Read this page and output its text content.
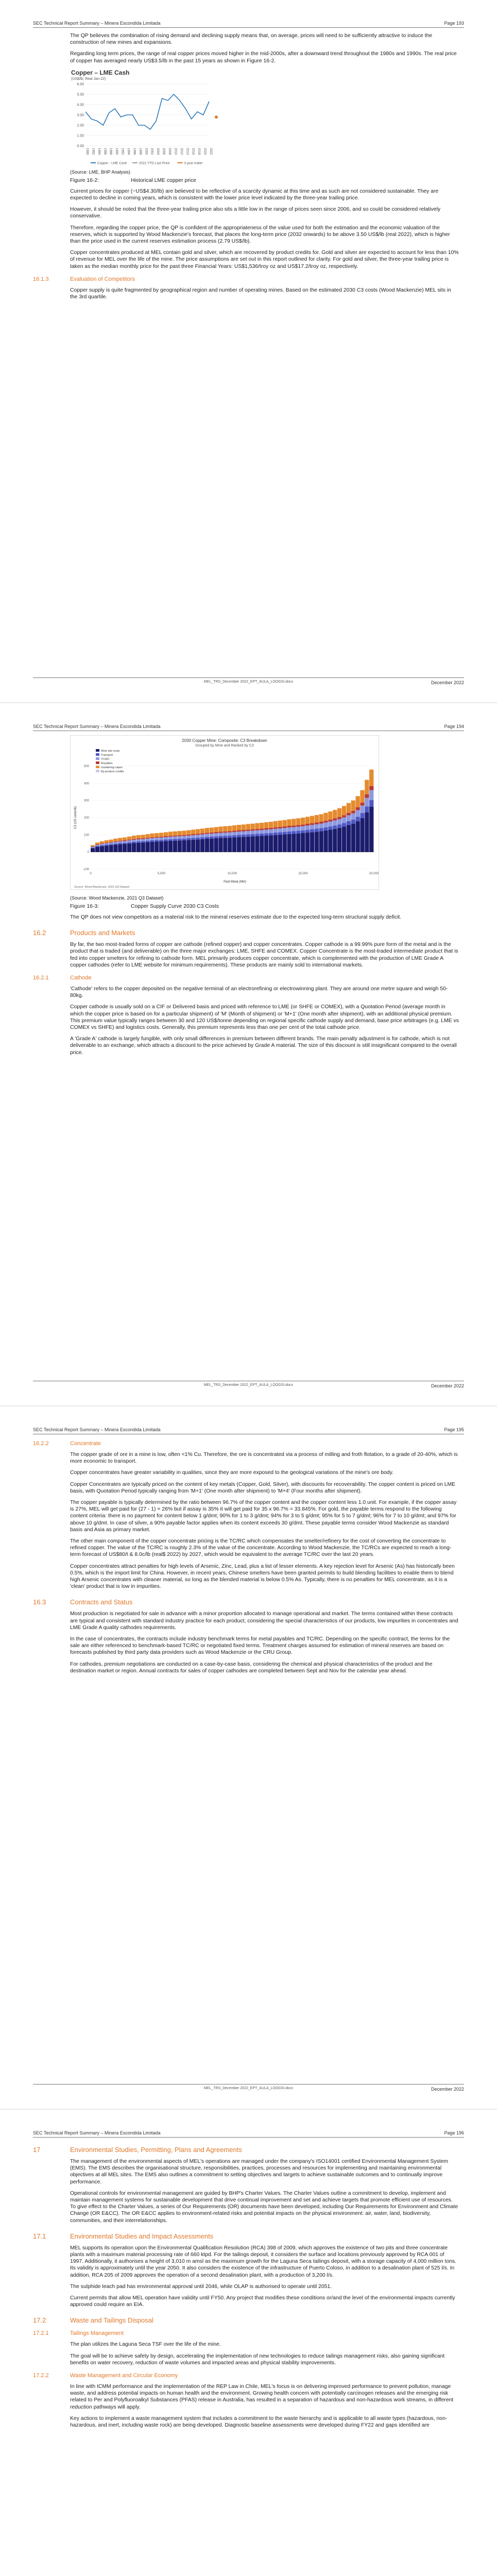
SEC Technical Report Summary – Minera Escondida Limitada	Page 193

The QP believes the combination of rising demand and declining supply means that, on average, prices will need to be sufficiently attractive to induce the construction of new mines and expansions.

Regarding long term prices, the range of real copper prices moved higher in the mid-2000s, after a downward trend throughout the 1980s and 1990s. The real price of copper has averaged nearly US$3.5/lb in the past 15 years as shown in Figure 16-2.

Copper – LME Cash
(US$/lb; Real Jan-22)
0.00
1.00
2.00
3.00
4.00
5.00
6.00
1980 1982 1984 1986 1988 1990 1992 1994 1996 1998 2000 2002 2004 2006 2008 2010 2012 2014 2016 2018 2020 2022
Copper - LME Cash	2022 YTD Last Price	3 year trailer
(Source: LME, BHP Analysis)
Figure 16-2:	Historical LME copper price

Current prices for copper (~US$4.30/lb) are believed to be reflective of a scarcity dynamic at this time and as such are not considered sustainable. They are expected to decline in coming years, which is consistent with the lower price level indicated by the three-year trailing price.

However, it should be noted that the three-year trailing price also sits a little low in the range of prices seen since 2006, and so could be considered relatively conservative.

Therefore, regarding the copper price, the QP is confident of the appropriateness of the value used for both the estimation and the economic valuation of the reserves, which is supported by Wood Mackenzie's forecast, that places the long-term price (2032 onwards) to be above 3.50 US$/lb (real 2022), which is higher than the price used in the current reserves estimation process (2.79 US$/lb).

Copper concentrates produced at MEL contain gold and silver, which are recovered by product credits for. Gold and silver are expected to account for less than 10% of revenue for MEL over the life of the mine. The price assumptions are set out in this report outlined for clarity. For gold and silver, the three-year trailing price is taken as the median monthly price for the past three Financial Years: US$1,536/troy oz and US$17.2/troy oz, respectively.

16.1.3	Evaluation of Competitors

Copper supply is quite fragmented by geographical region and number of operating mines. Based on the estimated 2030 C3 costs (Wood Mackenzie) MEL sits in the 3rd quartile.

MEL_TRS_December 2022_EPT_AULA_LOOGSI.docx	December 2022
SEC Technical Report Summary – Minera Escondida Limitada	Page 194
2030 Copper Mine: Composite: C3 Breakdown
Grouped by Mine and Ranked by C3
Mine site costs
Transport
TC/RC
Royalties
Sustaining capex
By-product credits
500
400
300
200
100
0
-100
0	5,000	10,000	15,000	20,000
C3 (US cents/lb)
Paid Metal (Mkt)
Source: Wood Mackenzie, 2021 Q3 Dataset
(Source: Wood Mackenzie, 2021 Q3 Dataset)
Figure 16-3:	Copper Supply Curve 2030 C3 Costs

The QP does not view competitors as a material risk to the mineral reserves estimate due to the expected long-term structural supply deficit.

16.2	Products and Markets

By far, the two most-traded forms of copper are cathode (refined copper) and copper concentrates. Copper cathode is a 99.99% pure form of the metal and is the product that is traded (and deliverable) on the three major exchanges: LME, SHFE and COMEX. Copper Concentrate is the most-traded intermediate product that is fed into copper smelters for refining to cathode form. MEL primarily produces copper concentrate, which is complemented with the production of LME Grade A copper cathodes (refer to LME website for minimum requirements). These products are mainly sold to international markets.

16.2.1	Cathode

'Cathode' refers to the copper deposited on the negative terminal of an electrorefining or electrowinning plant. They are around one metre square and weigh 50-80kg.

Copper cathode is usually sold on a CIF or Delivered basis and priced with reference to LME (or SHFE or COMEX), with a Quotation Period (average month in which the copper price is based on for a particular shipment) of 'M' (Month of shipment) or 'M+1' (One month after shipment), with an additional physical premium. This premium value typically ranges between 30 and 120 US$/tonne depending on regional specific cathode supply and demand, base price arbitrages (e.g. LME vs COMEX vs SHFE) and logistics costs. Generally, this premium represents less than one per cent of the total cathode price.

A 'Grade A' cathode is largely fungible, with only small differences in premium between different brands. The main penalty adjustment is for cathode, which is not deliverable to an exchange, which attracts a discount to the price achieved by Grade A material. The size of this discount is still insignificant compared to the overall price.

MEL_TRS_December 2022_EPT_AULA_LOOGSI.docx	December 2022
SEC Technical Report Summary – Minera Escondida Limitada	Page 195
16.2.2	Concentrate

The copper grade of ore in a mine is low, often <1% Cu. Therefore, the ore is concentrated via a process of milling and froth flotation, to a grade of 20-40%, which is more economic to transport.

Copper concentrates have greater variability in qualities, since they are more exposed to the geological variations of the mine's ore body.

Copper Concentrates are typically priced on the content of key metals (Copper, Gold, Silver), with discounts for recoverability. The copper content is priced on LME basis, with Quotation Period typically ranging from 'M+1' (One month after shipment) to 'M+4' (Four months after shipment).

The copper payable is typically determined by the ratio between 96.7% of the copper content and the copper content less 1.0 unit. For example, if the copper assay is 27%, MEL will get paid for (27 - 1) = 26% but if assay is 35% it will get paid for 35 x 96.7% = 33.845%. For gold, the payable terms respond to the following content criteria: there is no payment for content below 1 g/dmt; 90% for 1 to 3 g/dmt; 94% for 3 to 5 g/dmt; 95% for 5 to 7 g/dmt; 96% for 7 to 10 g/dmt; and 97% for above 10 g/dmt. In case of silver, a 90% payable factor applies when its content exceeds 30 g/dmt. These payable terms consider Wood Mackenzie as standard basis and Asia as primary market.

The other main component of the copper concentrate pricing is the TC/RC which compensates the smelter/refinery for the cost of converting the concentrate to refined copper. The value of the TC/RC is roughly 2.3% of the value of the concentrate. According to Wood Mackenzie, the TC/RCs are expected to reach a long-term forecast of US$80/t & 8.0c/lb (real$ 2022) by 2027, which would be equivalent to the average TC/RC over the last 20 years.

Copper concentrates attract penalties for high levels of Arsenic, Zinc, Lead, plus a list of lesser elements. A key rejection level for Arsenic (As) has historically been 0.5%, which is the import limit for China. However, in recent years, Chinese smelters have been granted permits to build blending facilities to enable them to blend high Arsenic concentrates with cleaner material, so long as the blended material is below 0.5% As. Typically, there is no penalties for MEL concentrate, as it is a 'clean' product that is low in impurities.

16.3	Contracts and Status

Most production is negotiated for sale in advance with a minor proportion allocated to manage operational and market. The terms contained within these contracts are typical and consistent with standard industry practice for each product, considering the special characteristics of our products, low impurities in concentrates and LME Grade A quality cathodes requirements.

In the case of concentrates, the contracts include industry benchmark terms for metal payables and TC/RC. Depending on the specific contract, the terms for the sale are either referenced to benchmark-based TC/RC or negotiated fixed terms. Treatment charges assumed for estimation of mineral reserves are based on forecasts published by third party data providers such as Wood Mackenzie or the CRU Group.

For cathodes, premium negotiations are conducted on a case-by-case basis, considering the chemical and physical characteristics of the product and the destination market or region. Annual contracts for sales of copper cathodes are completed between Sept and Nov for the calendar year ahead.

MEL_TRS_December 2022_EPT_AULA_LOOGSI.docx	December 2022
SEC Technical Report Summary – Minera Escondida Limitada	Page 196
17	Environmental Studies, Permitting, Plans and Agreements

The management of the environmental aspects of MEL's operations are managed under the company's ISO14001 certified Environmental Management System (EMS). The EMS describes the organisational structure, responsibilities, practices, processes and resources for implementing and maintaining environmental objectives at all MEL sites. The EMS also outlines a commitment to setting objectives and targets to achieve sustainable outcomes and to continually improve performance.

Operational controls for environmental management are guided by BHP's Charter Values. The Charter Values outline a commitment to develop, implement and maintain management systems for sustainable development that drive continual improvement and set and achieve targets that promote efficient use of resources. To give effect to the Charter Values, a series of Our Requirements (OR) documents have been developed, including Our Requirements for Environment and Climate Change (OR E&CC). The OR E&CC applies to environment-related risks and potential impacts on the physical environment: air, water, land, biodiversity, communities, and their interrelationships.

17.1	Environmental Studies and Impact Assessments

MEL supports its operation upon the Environmental Qualification Resolution (RCA) 398 of 2009, which approves the existence of two pits and three concentrate plants with a maximum material processing rate of 660 ktpd. For the tailings deposit, it considers the surface and locations previously approved by RCA 001 of 1997. Additionally, it authorises a height of 3,010 m amsl as the maximum growth for the Laguna Seca tailings deposit, with a storage capacity of 4,000 million tons. Its validity is approximately until the year 2050. It also considers the existence of the infrastructure of Puerto Coloso, in addition to a desalination plant of 525 l/s. In addition, RCA 205 of 2009 approves the operation of a second desalination plant, with a production of 3,200 l/s.

The sulphide leach pad has environmental approval until 2046, while OLAP is authorised to operate until 2051.

Current permits that allow MEL operation have validity until FY50. Any project that modifies these conditions or/and the level of the environmental impacts currently approved could require an EIA.

17.2	Waste and Tailings Disposal
17.2.1	Tailings Management

The plan utilizes the Laguna Seca TSF over the life of the mine.

The goal will be to achieve safety by design, accelerating the implementation of new technologies to reduce tailings management risks, also gaining significant benefits on water recovery, reduction of waste volumes and impacted areas and physical stability improvements.

17.2.2	Waste Management and Circular Economy

In line with ICMM performance and the implementation of the REP Law in Chile, MEL's focus is on delivering improved performance to prevent pollution, manage waste, and address potential impacts on human health and the environment. Growing health concern with potentially carcinogen releases and the emerging risk related to Per and Polyfluoroalkyl Substances (PFAS) release in Australia, has resulted in a separation of hazardous and non-hazardous work streams, in different reduction pathways will apply.

Key actions to implement a waste management system that includes a commitment to the waste hierarchy and is applicable to all waste types (hazardous, non-hazardous, and inert, including waste rock) are being developed. Diagnostic baseline assessments were developed during FY22 and gaps identified are
